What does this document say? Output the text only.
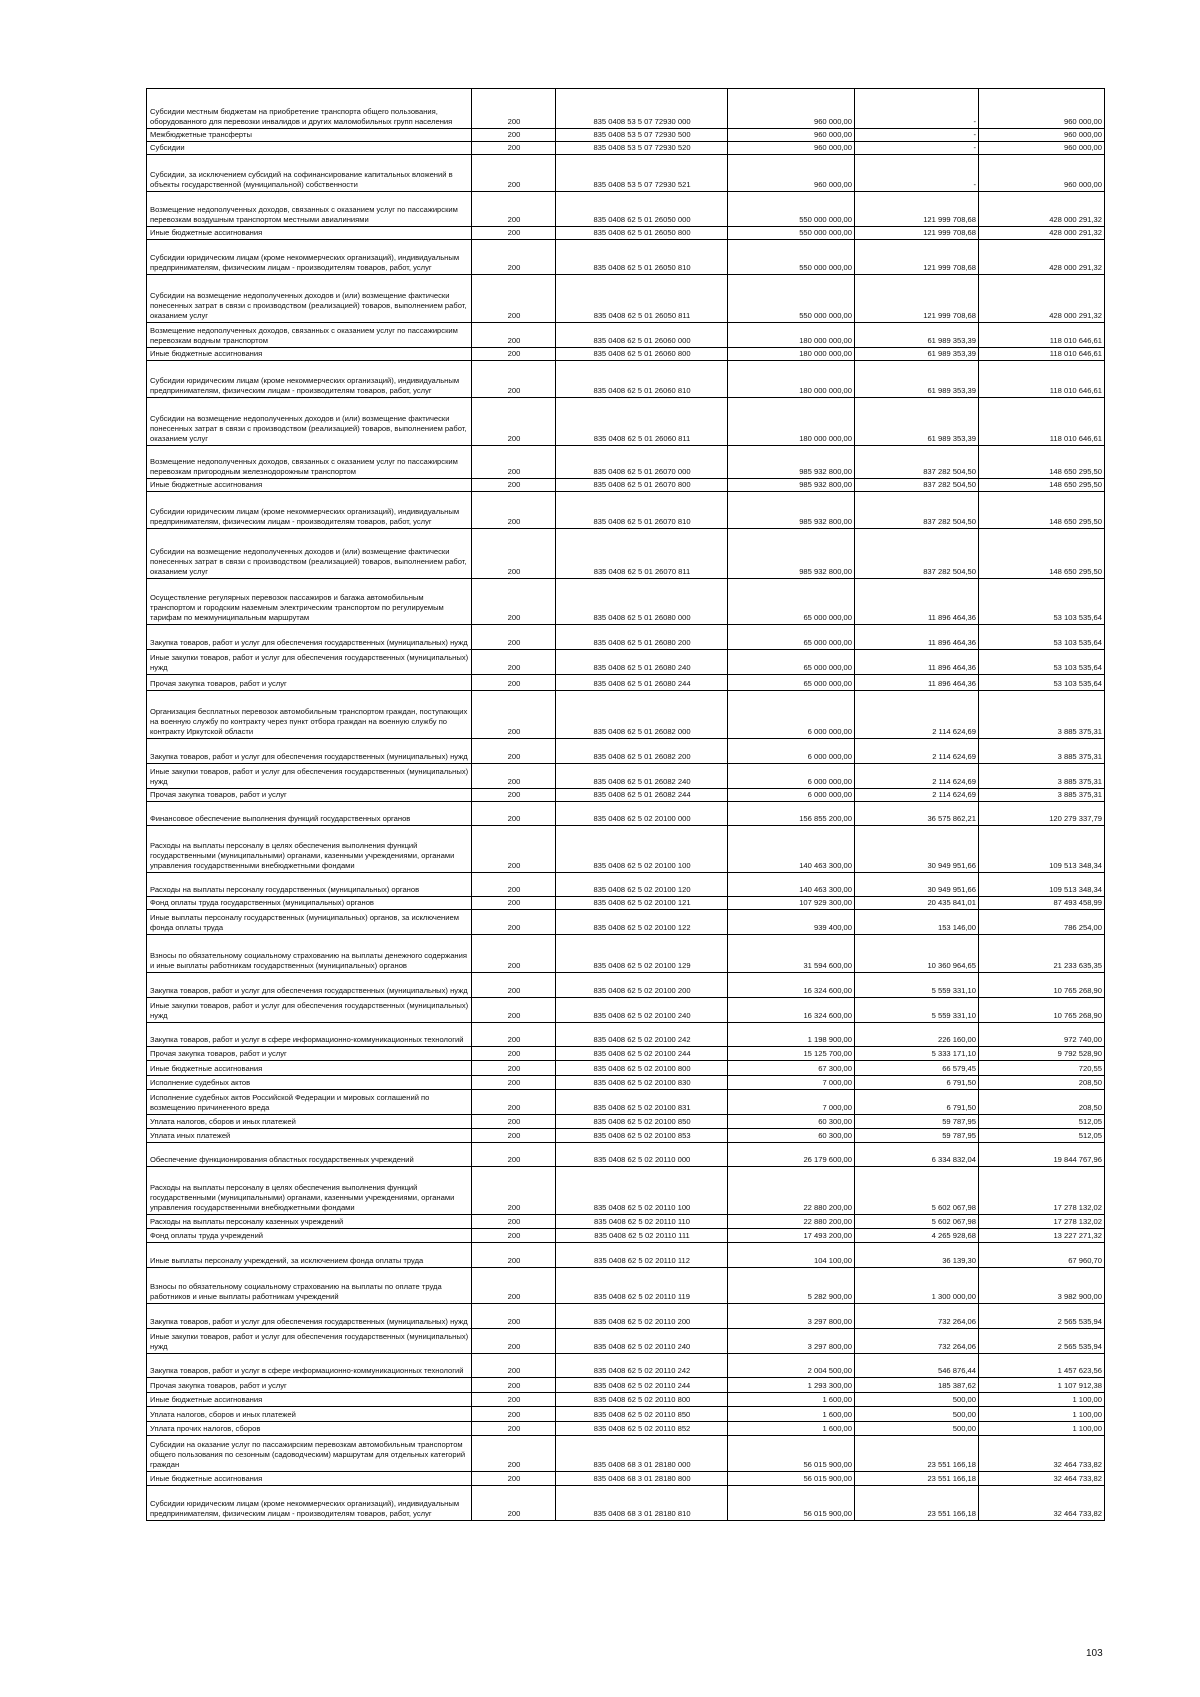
Субсидии местным бюджетам на приобретение транспорта общего пользования, оборудованного для перевозки инвалидов и других маломобильных групп населения	200	835 0408 53 5 07 72930 000	960 000,00	-	960 000,00
Межбюджетные трансферты	200	835 0408 53 5 07 72930 500	960 000,00	-	960 000,00
Субсидии	200	835 0408 53 5 07 72930 520	960 000,00	-	960 000,00
Субсидии, за исключением субсидий на софинансирование капитальных вложений в объекты государственной (муниципальной) собственности	200	835 0408 53 5 07 72930 521	960 000,00	-	960 000,00
Возмещение недополученных доходов, связанных с оказанием услуг по пассажирским перевозкам воздушным транспортом местными авиалиниями	200	835 0408 62 5 01 26050 000	550 000 000,00	121 999 708,68	428 000 291,32
Иные бюджетные ассигнования	200	835 0408 62 5 01 26050 800	550 000 000,00	121 999 708,68	428 000 291,32
Субсидии юридическим лицам (кроме некоммерческих организаций), индивидуальным предпринимателям, физическим лицам - производителям товаров, работ, услуг	200	835 0408 62 5 01 26050 810	550 000 000,00	121 999 708,68	428 000 291,32
Субсидии на возмещение недополученных доходов и (или) возмещение фактически понесенных затрат в связи с производством (реализацией) товаров, выполнением работ, оказанием услуг	200	835 0408 62 5 01 26050 811	550 000 000,00	121 999 708,68	428 000 291,32
Возмещение недополученных доходов, связанных с оказанием услуг по пассажирским перевозкам водным транспортом	200	835 0408 62 5 01 26060 000	180 000 000,00	61 989 353,39	118 010 646,61
Иные бюджетные ассигнования	200	835 0408 62 5 01 26060 800	180 000 000,00	61 989 353,39	118 010 646,61
Субсидии юридическим лицам (кроме некоммерческих организаций), индивидуальным предпринимателям, физическим лицам - производителям товаров, работ, услуг	200	835 0408 62 5 01 26060 810	180 000 000,00	61 989 353,39	118 010 646,61
Субсидии на возмещение недополученных доходов и (или) возмещение фактически понесенных затрат в связи с производством (реализацией) товаров, выполнением работ, оказанием услуг	200	835 0408 62 5 01 26060 811	180 000 000,00	61 989 353,39	118 010 646,61
Возмещение недополученных доходов, связанных с оказанием услуг по пассажирским перевозкам пригородным железнодорожным транспортом	200	835 0408 62 5 01 26070 000	985 932 800,00	837 282 504,50	148 650 295,50
Иные бюджетные ассигнования	200	835 0408 62 5 01 26070 800	985 932 800,00	837 282 504,50	148 650 295,50
Субсидии юридическим лицам (кроме некоммерческих организаций), индивидуальным предпринимателям, физическим лицам - производителям товаров, работ, услуг	200	835 0408 62 5 01 26070 810	985 932 800,00	837 282 504,50	148 650 295,50
Субсидии на возмещение недополученных доходов и (или) возмещение фактически понесенных затрат в связи с производством (реализацией) товаров, выполнением работ, оказанием услуг	200	835 0408 62 5 01 26070 811	985 932 800,00	837 282 504,50	148 650 295,50
Осуществление регулярных перевозок пассажиров и багажа автомобильным транспортом и городским наземным электрическим транспортом по регулируемым тарифам по межмуниципальным маршрутам	200	835 0408 62 5 01 26080 000	65 000 000,00	11 896 464,36	53 103 535,64
Закупка товаров, работ и услуг для обеспечения государственных (муниципальных) нужд	200	835 0408 62 5 01 26080 200	65 000 000,00	11 896 464,36	53 103 535,64
Иные закупки товаров, работ и услуг для обеспечения государственных (муниципальных) нужд	200	835 0408 62 5 01 26080 240	65 000 000,00	11 896 464,36	53 103 535,64
Прочая закупка товаров, работ и услуг	200	835 0408 62 5 01 26080 244	65 000 000,00	11 896 464,36	53 103 535,64
Организация бесплатных перевозок автомобильным транспортом граждан, поступающих на военную службу по контракту через пункт отбора граждан на военную службу по контракту Иркутской области	200	835 0408 62 5 01 26082 000	6 000 000,00	2 114 624,69	3 885 375,31
Закупка товаров, работ и услуг для обеспечения государственных (муниципальных) нужд	200	835 0408 62 5 01 26082 200	6 000 000,00	2 114 624,69	3 885 375,31
Иные закупки товаров, работ и услуг для обеспечения государственных (муниципальных) нужд	200	835 0408 62 5 01 26082 240	6 000 000,00	2 114 624,69	3 885 375,31
Прочая закупка товаров, работ и услуг	200	835 0408 62 5 01 26082 244	6 000 000,00	2 114 624,69	3 885 375,31
Финансовое обеспечение выполнения функций государственных органов	200	835 0408 62 5 02 20100 000	156 855 200,00	36 575 862,21	120 279 337,79
Расходы на выплаты персоналу в целях обеспечения выполнения функций государственными (муниципальными) органами, казенными учреждениями, органами управления государственными внебюджетными фондами	200	835 0408 62 5 02 20100 100	140 463 300,00	30 949 951,66	109 513 348,34
Расходы на выплаты персоналу государственных (муниципальных) органов	200	835 0408 62 5 02 20100 120	140 463 300,00	30 949 951,66	109 513 348,34
Фонд оплаты труда государственных (муниципальных) органов	200	835 0408 62 5 02 20100 121	107 929 300,00	20 435 841,01	87 493 458,99
Иные выплаты персоналу государственных (муниципальных) органов, за исключением фонда оплаты труда	200	835 0408 62 5 02 20100 122	939 400,00	153 146,00	786 254,00
Взносы по обязательному социальному страхованию на выплаты денежного содержания и иные выплаты работникам государственных (муниципальных) органов	200	835 0408 62 5 02 20100 129	31 594 600,00	10 360 964,65	21 233 635,35
Закупка товаров, работ и услуг для обеспечения государственных (муниципальных) нужд	200	835 0408 62 5 02 20100 200	16 324 600,00	5 559 331,10	10 765 268,90
Иные закупки товаров, работ и услуг для обеспечения государственных (муниципальных) нужд	200	835 0408 62 5 02 20100 240	16 324 600,00	5 559 331,10	10 765 268,90
Закупка товаров, работ и услуг в сфере информационно-коммуникационных технологий	200	835 0408 62 5 02 20100 242	1 198 900,00	226 160,00	972 740,00
Прочая закупка товаров, работ и услуг	200	835 0408 62 5 02 20100 244	15 125 700,00	5 333 171,10	9 792 528,90
Иные бюджетные ассигнования	200	835 0408 62 5 02 20100 800	67 300,00	66 579,45	720,55
Исполнение судебных актов	200	835 0408 62 5 02 20100 830	7 000,00	6 791,50	208,50
Исполнение судебных актов Российской Федерации и мировых соглашений по возмещению причиненного вреда	200	835 0408 62 5 02 20100 831	7 000,00	6 791,50	208,50
Уплата налогов, сборов и иных платежей	200	835 0408 62 5 02 20100 850	60 300,00	59 787,95	512,05
Уплата иных платежей	200	835 0408 62 5 02 20100 853	60 300,00	59 787,95	512,05
Обеспечение функционирования областных государственных учреждений	200	835 0408 62 5 02 20110 000	26 179 600,00	6 334 832,04	19 844 767,96
Расходы на выплаты персоналу в целях обеспечения выполнения функций государственными (муниципальными) органами, казенными учреждениями, органами управления государственными внебюджетными фондами	200	835 0408 62 5 02 20110 100	22 880 200,00	5 602 067,98	17 278 132,02
Расходы на выплаты персоналу казенных учреждений	200	835 0408 62 5 02 20110 110	22 880 200,00	5 602 067,98	17 278 132,02
Фонд оплаты труда учреждений	200	835 0408 62 5 02 20110 111	17 493 200,00	4 265 928,68	13 227 271,32
Иные выплаты персоналу учреждений, за исключением фонда оплаты труда	200	835 0408 62 5 02 20110 112	104 100,00	36 139,30	67 960,70
Взносы по обязательному социальному страхованию на выплаты по оплате труда работников и иные выплаты работникам учреждений	200	835 0408 62 5 02 20110 119	5 282 900,00	1 300 000,00	3 982 900,00
Закупка товаров, работ и услуг для обеспечения государственных (муниципальных) нужд	200	835 0408 62 5 02 20110 200	3 297 800,00	732 264,06	2 565 535,94
Иные закупки товаров, работ и услуг для обеспечения государственных (муниципальных) нужд	200	835 0408 62 5 02 20110 240	3 297 800,00	732 264,06	2 565 535,94
Закупка товаров, работ и услуг в сфере информационно-коммуникационных технологий	200	835 0408 62 5 02 20110 242	2 004 500,00	546 876,44	1 457 623,56
Прочая закупка товаров, работ и услуг	200	835 0408 62 5 02 20110 244	1 293 300,00	185 387,62	1 107 912,38
Иные бюджетные ассигнования	200	835 0408 62 5 02 20110 800	1 600,00	500,00	1 100,00
Уплата налогов, сборов и иных платежей	200	835 0408 62 5 02 20110 850	1 600,00	500,00	1 100,00
Уплата прочих налогов, сборов	200	835 0408 62 5 02 20110 852	1 600,00	500,00	1 100,00
Субсидии на оказание услуг по пассажирским перевозкам автомобильным транспортом общего пользования по сезонным (садоводческим) маршрутам для отдельных категорий граждан	200	835 0408 68 3 01 28180 000	56 015 900,00	23 551 166,18	32 464 733,82
Иные бюджетные ассигнования	200	835 0408 68 3 01 28180 800	56 015 900,00	23 551 166,18	32 464 733,82
Субсидии юридическим лицам (кроме некоммерческих организаций), индивидуальным предпринимателям, физическим лицам - производителям товаров, работ, услуг	200	835 0408 68 3 01 28180 810	56 015 900,00	23 551 166,18	32 464 733,82
103
